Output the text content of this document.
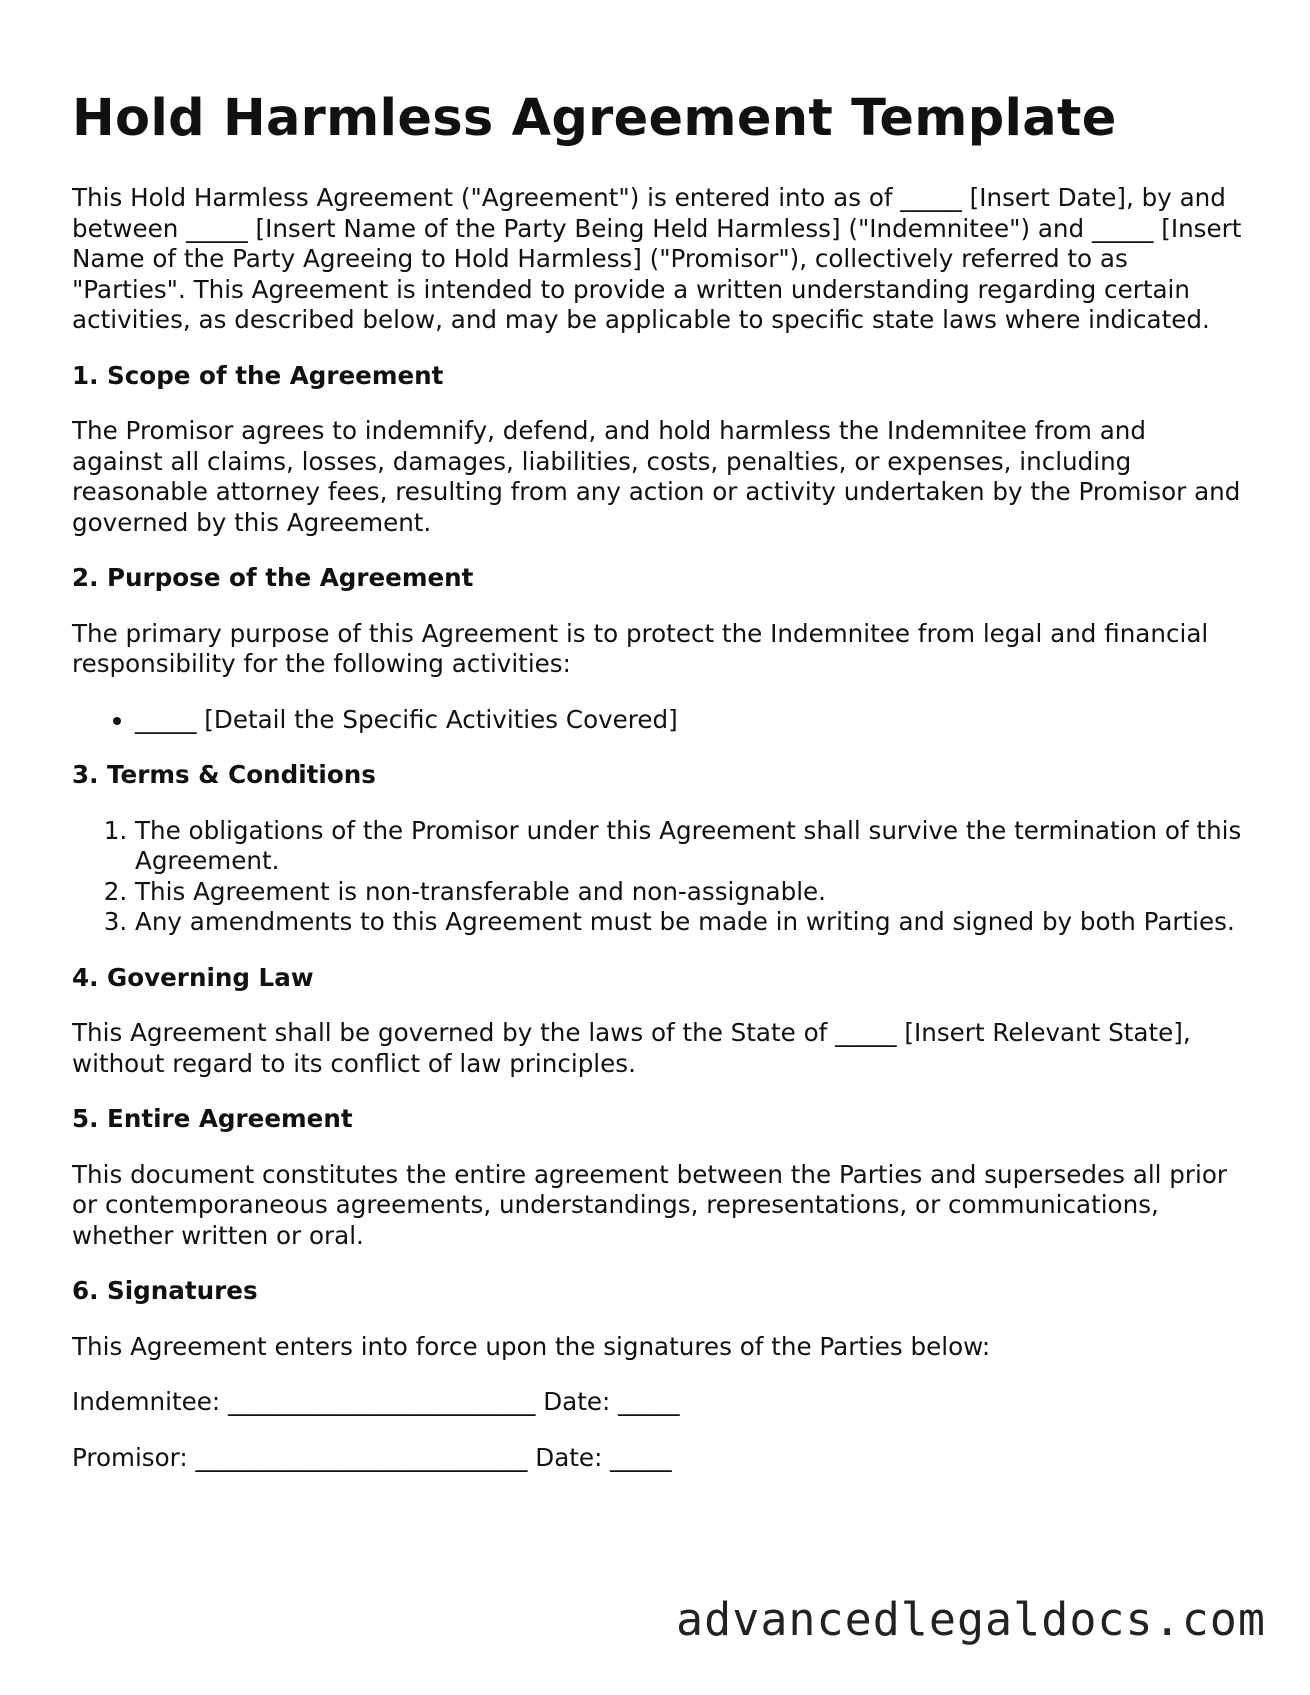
Hold Harmless Agreement Template

This Hold Harmless Agreement ("Agreement") is entered into as of _____ [Insert Date], by and between _____ [Insert Name of the Party Being Held Harmless] ("Indemnitee") and _____ [Insert Name of the Party Agreeing to Hold Harmless] ("Promisor"), collectively referred to as "Parties". This Agreement is intended to provide a written understanding regarding certain activities, as described below, and may be applicable to specific state laws where indicated.

1. Scope of the Agreement

The Promisor agrees to indemnify, defend, and hold harmless the Indemnitee from and against all claims, losses, damages, liabilities, costs, penalties, or expenses, including reasonable attorney fees, resulting from any action or activity undertaken by the Promisor and governed by this Agreement.

2. Purpose of the Agreement

The primary purpose of this Agreement is to protect the Indemnitee from legal and financial responsibility for the following activities:

• _____ [Detail the Specific Activities Covered]
3. Terms & Conditions
1. The obligations of the Promisor under this Agreement shall survive the termination of this Agreement.
2. This Agreement is non-transferable and non-assignable.
3. Any amendments to this Agreement must be made in writing and signed by both Parties.
4. Governing Law

This Agreement shall be governed by the laws of the State of _____ [Insert Relevant State], without regard to its conflict of law principles.

5. Entire Agreement

This document constitutes the entire agreement between the Parties and supersedes all prior or contemporaneous agreements, understandings, representations, or communications, whether written or oral.

6. Signatures

This Agreement enters into force upon the signatures of the Parties below:

Indemnitee: _________________________ Date: _____
Promisor: ___________________________ Date: _____
advancedlegaldocs.com
